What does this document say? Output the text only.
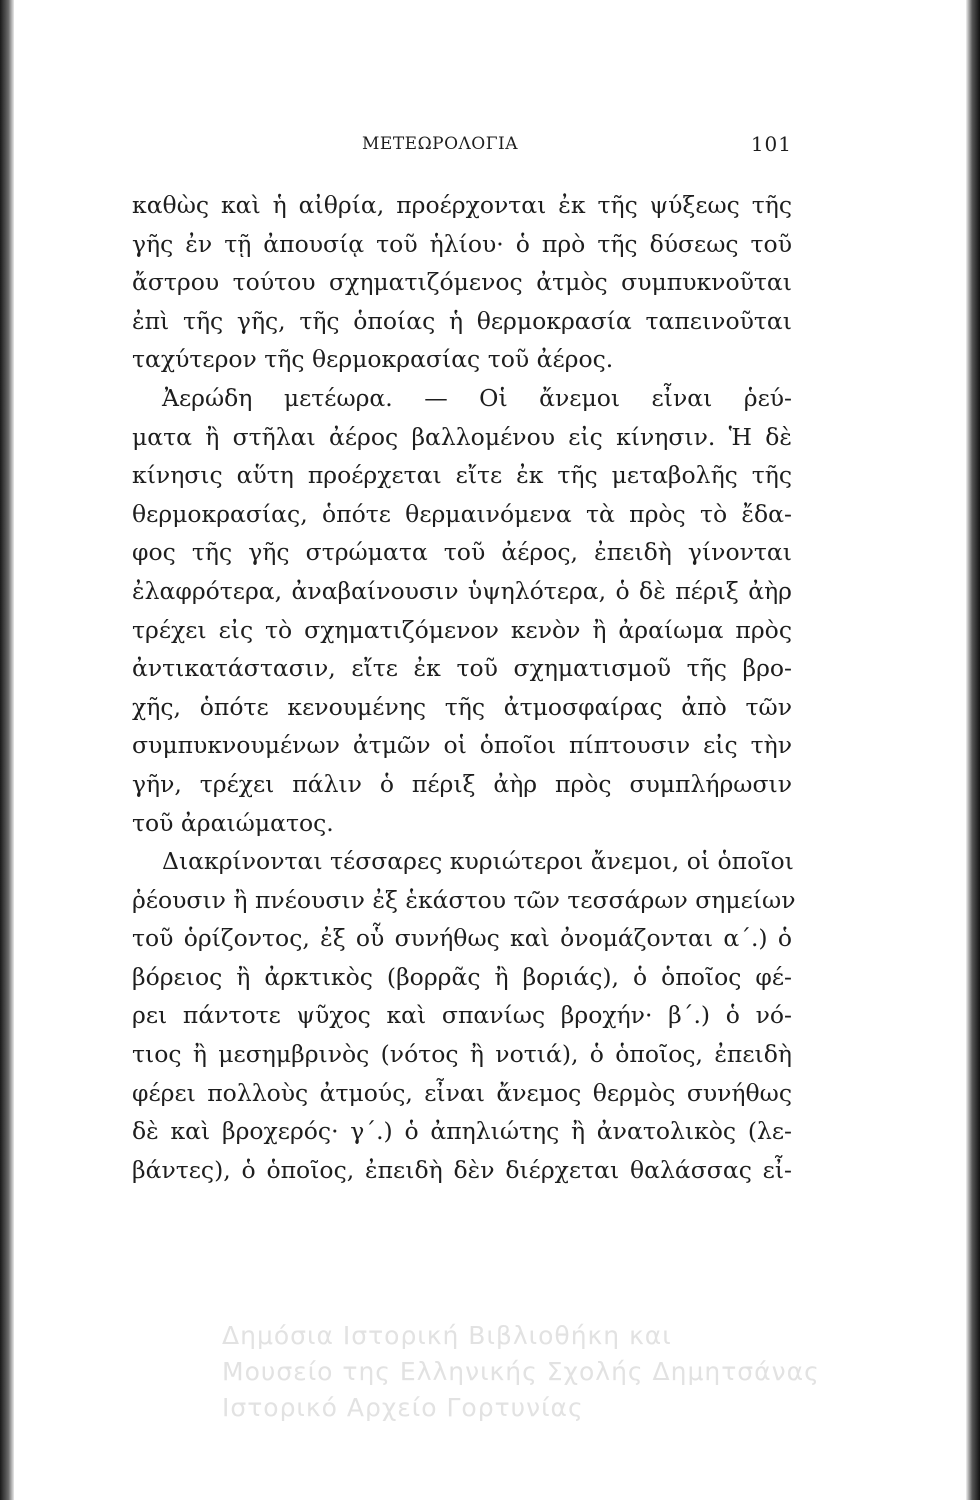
ΜΕΤΕΩΡΟΛΟΓΙΑ	101
καθὼς καὶ ἡ αἰθρία, προέρχονται ἐκ τῆς ψύξεως τῆς
γῆς ἐν τῇ ἀπουσίᾳ τοῦ ἡλίου· ὁ πρὸ τῆς δύσεως τοῦ
ἄστρου τούτου σχηματιζόμενος ἀτμὸς συμπυκνοῦται
ἐπὶ τῆς γῆς, τῆς ὁποίας ἡ θερμοκρασία ταπεινοῦται
ταχύτερον τῆς θερμοκρασίας τοῦ ἀέρος.
Ἀερώδη μετέωρα. — Οἱ ἄνεμοι εἶναι ῥεύ-
ματα ἢ στῆλαι ἀέρος βαλλομένου εἰς κίνησιν. Ἡ δὲ
κίνησις αὕτη προέρχεται εἴτε ἐκ τῆς μεταβολῆς τῆς
θερμοκρασίας, ὁπότε θερμαινόμενα τὰ πρὸς τὸ ἔδα-
φος τῆς γῆς στρώματα τοῦ ἀέρος, ἐπειδὴ γίνονται
ἐλαφρότερα, ἀναβαίνουσιν ὑψηλότερα, ὁ δὲ πέριξ ἀὴρ
τρέχει εἰς τὸ σχηματιζόμενον κενὸν ἢ ἀραίωμα πρὸς
ἀντικατάστασιν, εἴτε ἐκ τοῦ σχηματισμοῦ τῆς βρο-
χῆς, ὁπότε κενουμένης τῆς ἀτμοσφαίρας ἀπὸ τῶν
συμπυκνουμένων ἀτμῶν οἱ ὁποῖοι πίπτουσιν εἰς τὴν
γῆν, τρέχει πάλιν ὁ πέριξ ἀὴρ πρὸς συμπλήρωσιν
τοῦ ἀραιώματος.
Διακρίνονται τέσσαρες κυριώτεροι ἄνεμοι, οἱ ὁποῖοι
ῥέουσιν ἢ πνέουσιν ἐξ ἑκάστου τῶν τεσσάρων σημείων
τοῦ ὁρίζοντος, ἐξ οὗ συνήθως καὶ ὀνομάζονται α΄.) ὁ
βόρειος ἢ ἀρκτικὸς (βορρᾶς ἢ βοριάς), ὁ ὁποῖος φέ-
ρει πάντοτε ψῦχος καὶ σπανίως βροχήν· β΄.) ὁ νό-
τιος ἢ μεσημβρινὸς (νότος ἢ νοτιά), ὁ ὁποῖος, ἐπειδὴ
φέρει πολλοὺς ἀτμούς, εἶναι ἄνεμος θερμὸς συνήθως
δὲ καὶ βροχερός· γ΄.) ὁ ἀπηλιώτης ἢ ἀνατολικὸς (λε-
βάντες), ὁ ὁποῖος, ἐπειδὴ δὲν διέρχεται θαλάσσας εἶ-
Δημόσια Ιστορική Βιβλιοθήκη και
Μουσείο της Ελληνικής Σχολής Δημητσάνας
Ιστορικό Αρχείο Γορτυνίας
